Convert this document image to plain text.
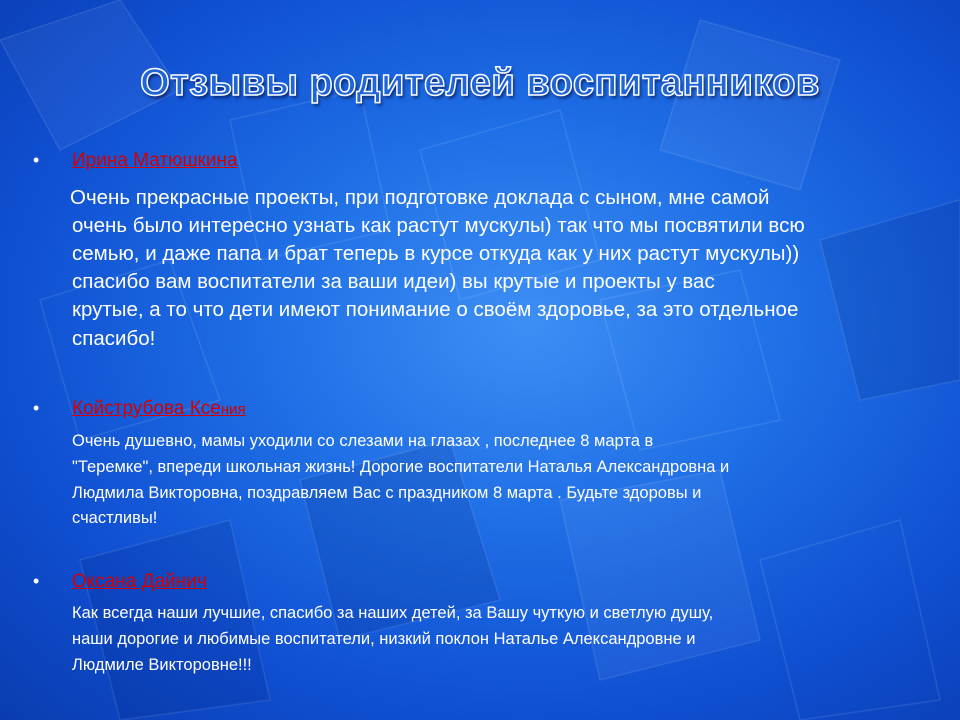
Отзывы родителей воспитанников
• Ирина Матюшкина
Очень прекрасные проекты, при подготовке доклада с сыном, мне самой
очень было интересно узнать как растут мускулы) так что мы посвятили всю
семью, и даже папа и брат теперь в курсе откуда как у них растут мускулы))
спасибо вам воспитатели за ваши идеи) вы крутые и проекты у вас
крутые, а то что дети имеют понимание о своём здоровье, за это отдельное
спасибо!
• Койструбова Ксения
Очень душевно, мамы уходили со слезами на глазах , последнее 8 марта в
"Теремке", впереди школьная жизнь! Дорогие воспитатели Наталья Александровна и
Людмила Викторовна, поздравляем Вас с праздником 8 марта . Будьте здоровы и
счастливы!
• Оксана Дайнич
Как всегда наши лучшие, спасибо за наших детей, за Вашу чуткую и светлую душу,
наши дорогие и любимые воспитатели, низкий поклон Наталье Александровне и
Людмиле Викторовне!!!
